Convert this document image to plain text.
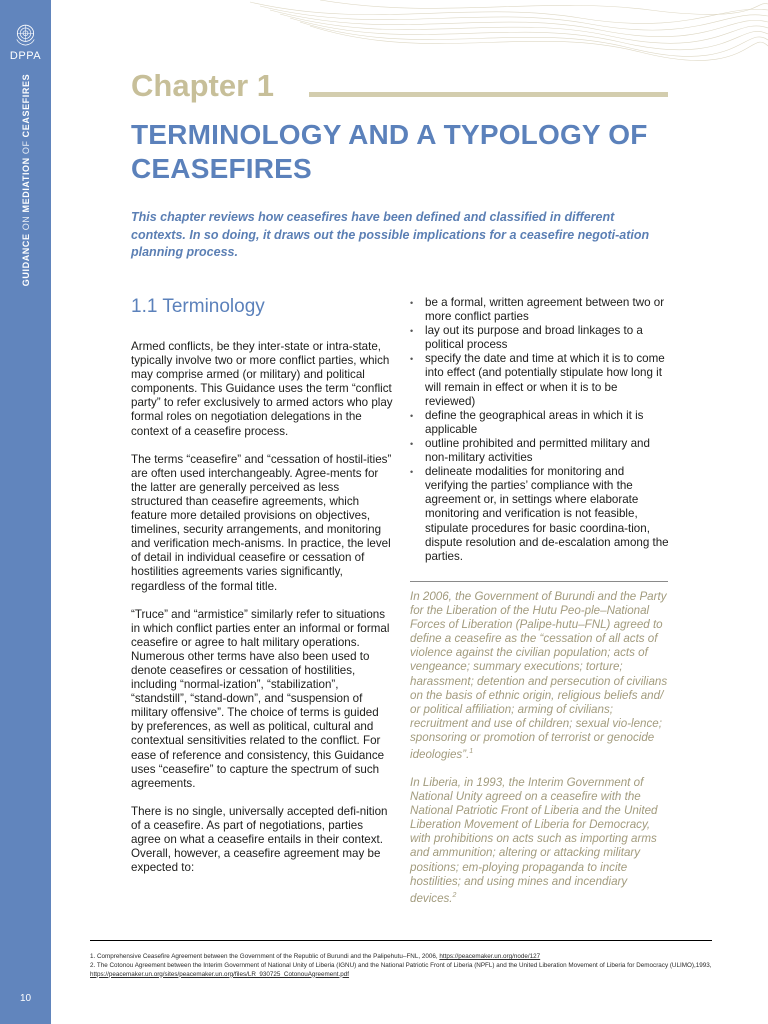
DPPA
GUIDANCE ON MEDIATION OF CEASEFIRES
10
Chapter 1
TERMINOLOGY AND A TYPOLOGY OF CEASEFIRES
This chapter reviews how ceasefires have been defined and classified in different contexts. In so doing, it draws out the possible implications for a ceasefire negoti-ation planning process.
1.1 Terminology

Armed conflicts, be they inter-state or intra-state, typically involve two or more conflict parties, which may comprise armed (or military) and political components. This Guidance uses the term “conflict party” to refer exclusively to armed actors who play formal roles on negotiation delegations in the context of a ceasefire process.

The terms “ceasefire” and “cessation of hostil-ities” are often used interchangeably. Agree-ments for the latter are generally perceived as less structured than ceasefire agreements, which feature more detailed provisions on objectives, timelines, security arrangements, and monitoring and verification mech-anisms. In practice, the level of detail in individual ceasefire or cessation of hostilities agreements varies significantly, regardless of the formal title.

“Truce” and “armistice” similarly refer to situations in which conflict parties enter an informal or formal ceasefire or agree to halt military operations. Numerous other terms have also been used to denote ceasefires or cessation of hostilities, including “normal-ization”, “stabilization”, “standstill”, “stand-down”, and “suspension of military offensive”. The choice of terms is guided by preferences, as well as political, cultural and contextual sensitivities related to the conflict. For ease of reference and consistency, this Guidance uses “ceasefire” to capture the spectrum of such agreements.

There is no single, universally accepted defi-nition of a ceasefire. As part of negotiations, parties agree on what a ceasefire entails in their context. Overall, however, a ceasefire agreement may be expected to:

• be a formal, written agreement between two or more conflict parties
• lay out its purpose and broad linkages to a political process
• specify the date and time at which it is to come into effect (and potentially stipulate how long it will remain in effect or when it is to be reviewed)
• define the geographical areas in which it is applicable
• outline prohibited and permitted military and non-military activities
• delineate modalities for monitoring and verifying the parties’ compliance with the agreement or, in settings where elaborate monitoring and verification is not feasible, stipulate procedures for basic coordina-tion, dispute resolution and de-escalation among the parties.

In 2006, the Government of Burundi and the Party for the Liberation of the Hutu Peo-ple–National Forces of Liberation (Palipe-hutu–FNL) agreed to define a ceasefire as the “cessation of all acts of violence against the civilian population; acts of vengeance; summary executions; torture; harassment; detention and persecution of civilians on the basis of ethnic origin, religious beliefs and/ or political affiliation; arming of civilians; recruitment and use of children; sexual vio-lence; sponsoring or promotion of terrorist or genocide ideologies”.$^1$

In Liberia, in 1993, the Interim Government of National Unity agreed on a ceasefire with the National Patriotic Front of Liberia and the United Liberation Movement of Liberia for Democracy, with prohibitions on acts such as importing arms and ammunition; altering or attacking military positions; em-ploying propaganda to incite hostilities; and using mines and incendiary devices.$^2$

1. Comprehensive Ceasefire Agreement between the Government of the Republic of Burundi and the Palipehutu–FNL, 2006, https://peacemaker.un.org/node/127
2. The Cotonou Agreement between the Interim Government of National Unity of Liberia (IGNU) and the National Patriotic Front of Liberia (NPFL) and the United Liberation Movement of Liberia for Democracy (ULIMO),1993, https://peacemaker.un.org/sites/peacemaker.un.org/files/LR_930725_CotonouAgreement.pdf
